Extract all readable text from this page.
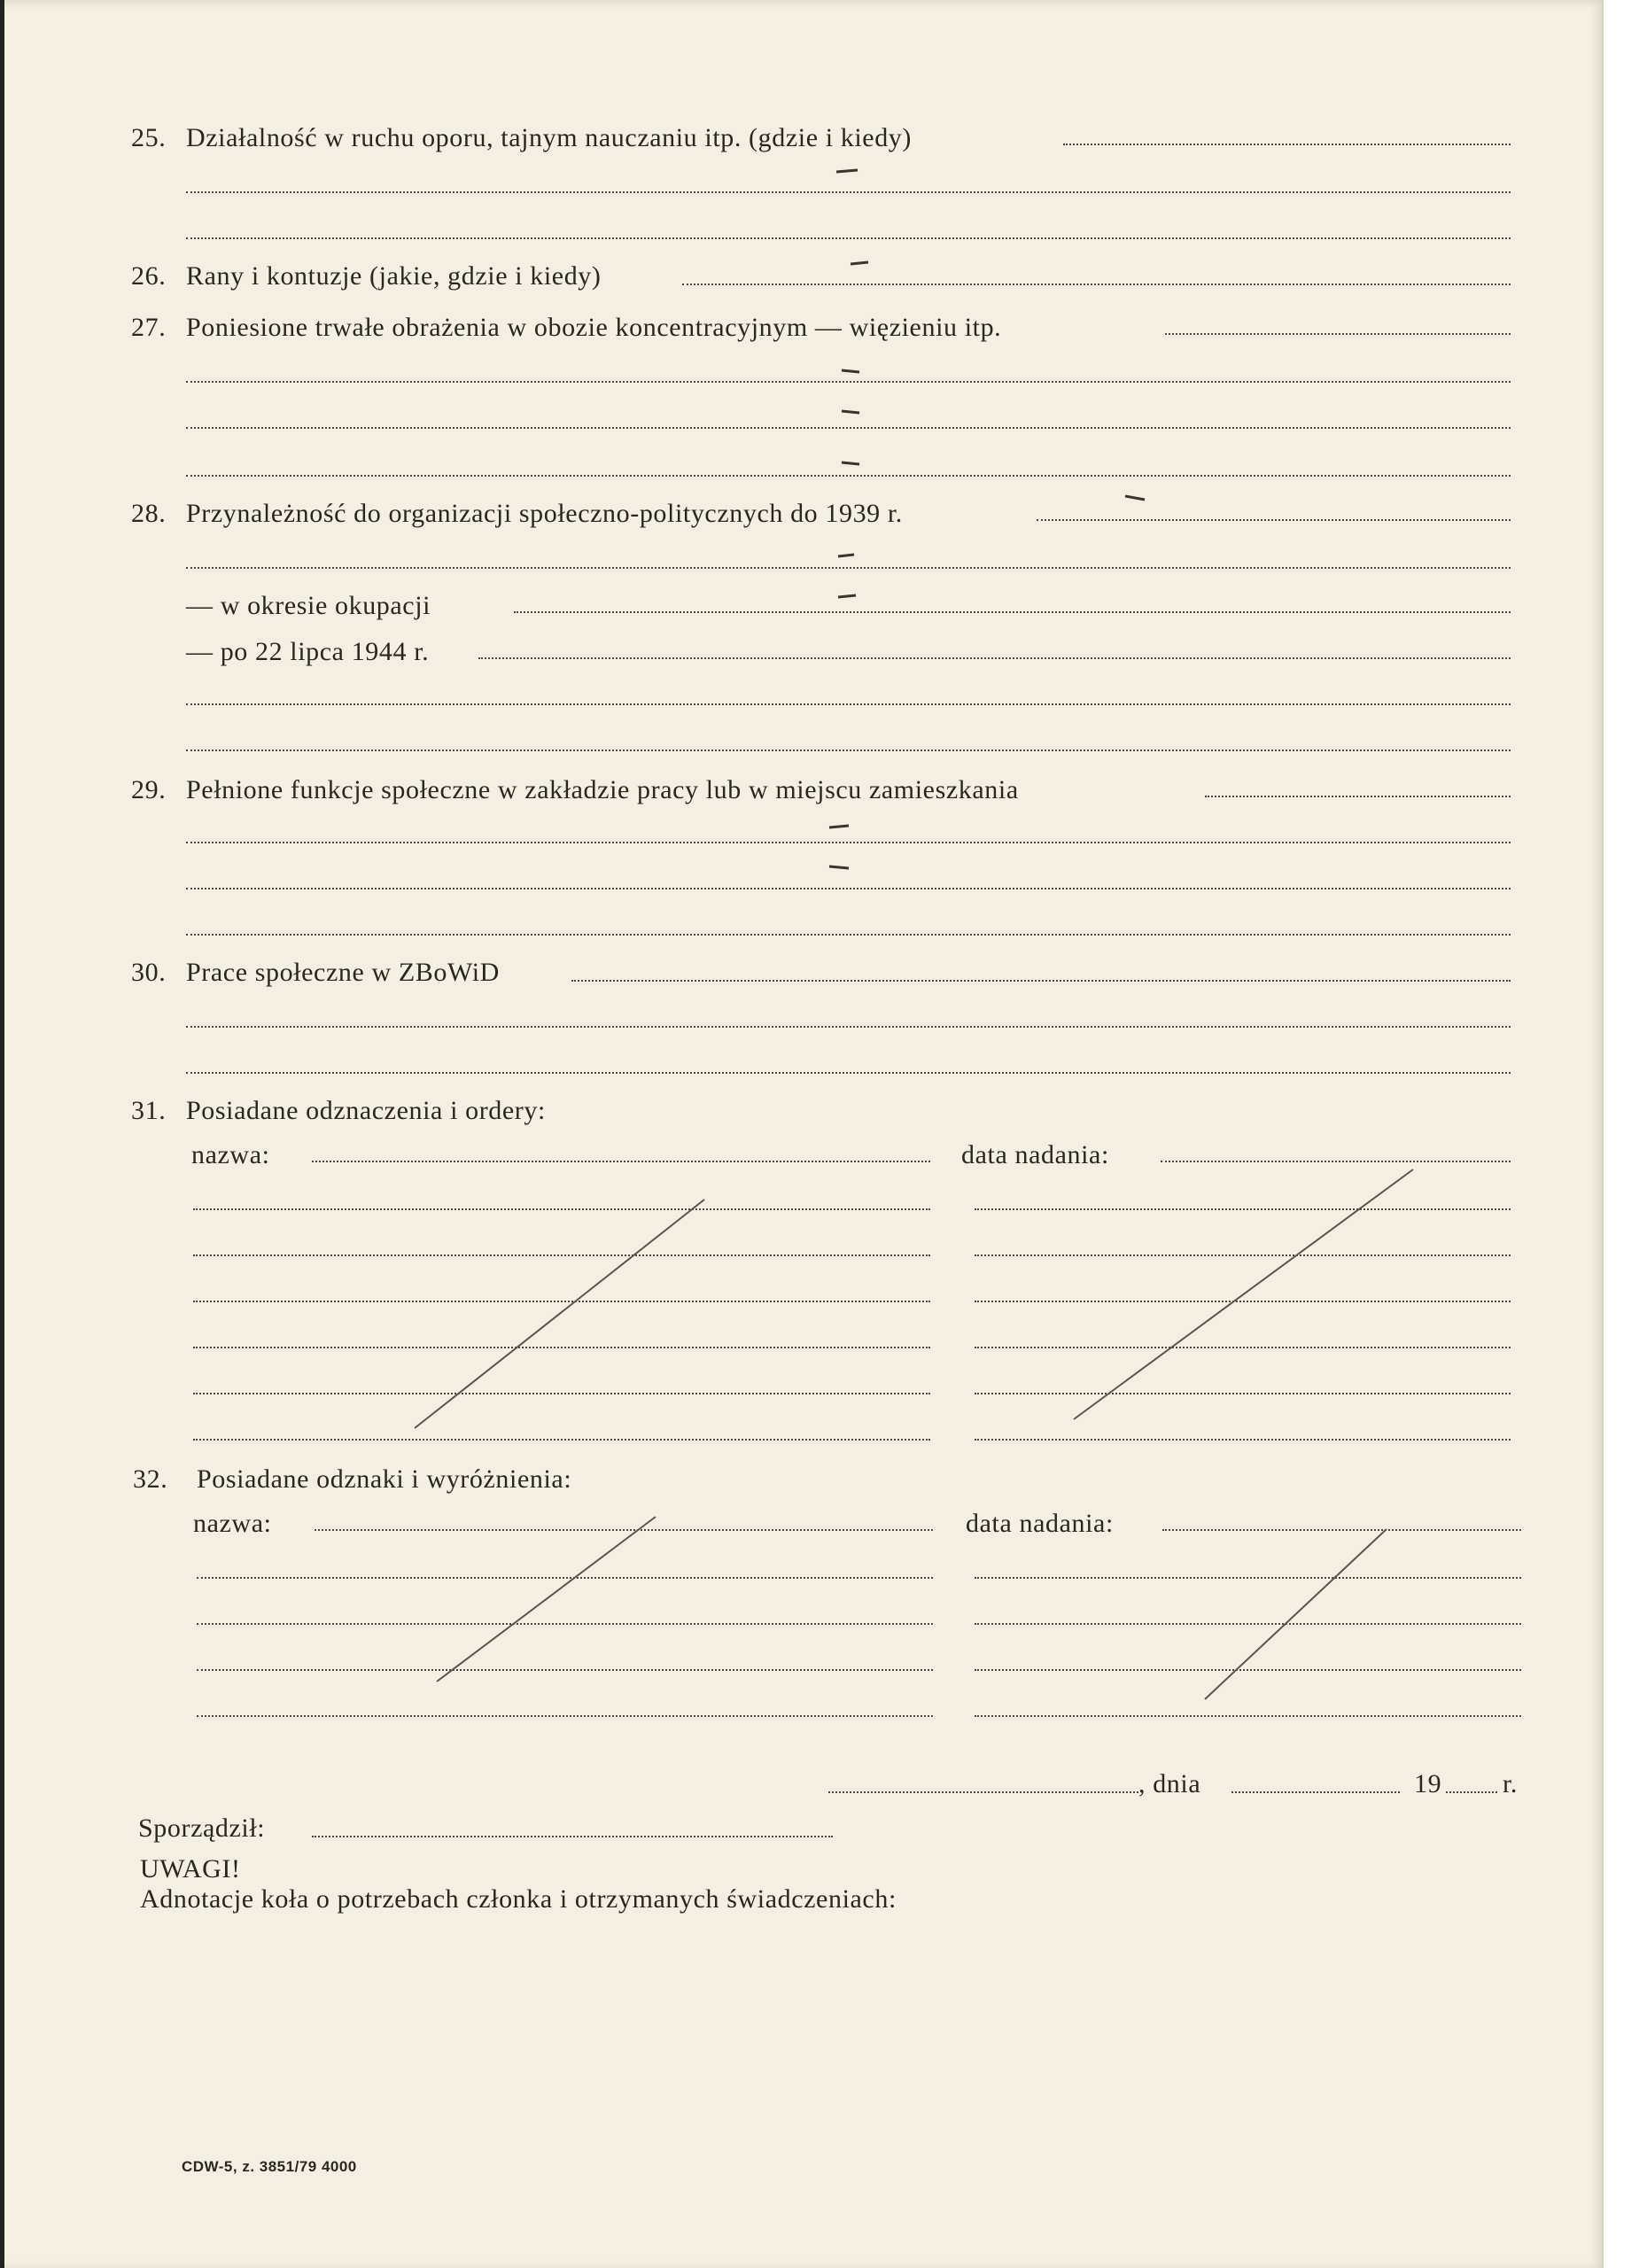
25. Działalność w ruchu oporu, tajnym nauczaniu itp. (gdzie i kiedy)
26. Rany i kontuzje (jakie, gdzie i kiedy)
27. Poniesione trwałe obrażenia w obozie koncentracyjnym — więzieniu itp.
28. Przynależność do organizacji społeczno-politycznych do 1939 r.
— w okresie okupacji
— po 22 lipca 1944 r.
29. Pełnione funkcje społeczne w zakładzie pracy lub w miejscu zamieszkania
30. Prace społeczne w ZBoWiD
31. Posiadane odznaczenia i ordery:
nazwa:	data nadania:
32. Posiadane odznaki i wyróżnienia:
nazwa:	data nadania:
, dnia	19 r.
Sporządził:
UWAGI!
Adnotacje koła o potrzebach członka i otrzymanych świadczeniach:
CDW-5, z. 3851/79 4000
